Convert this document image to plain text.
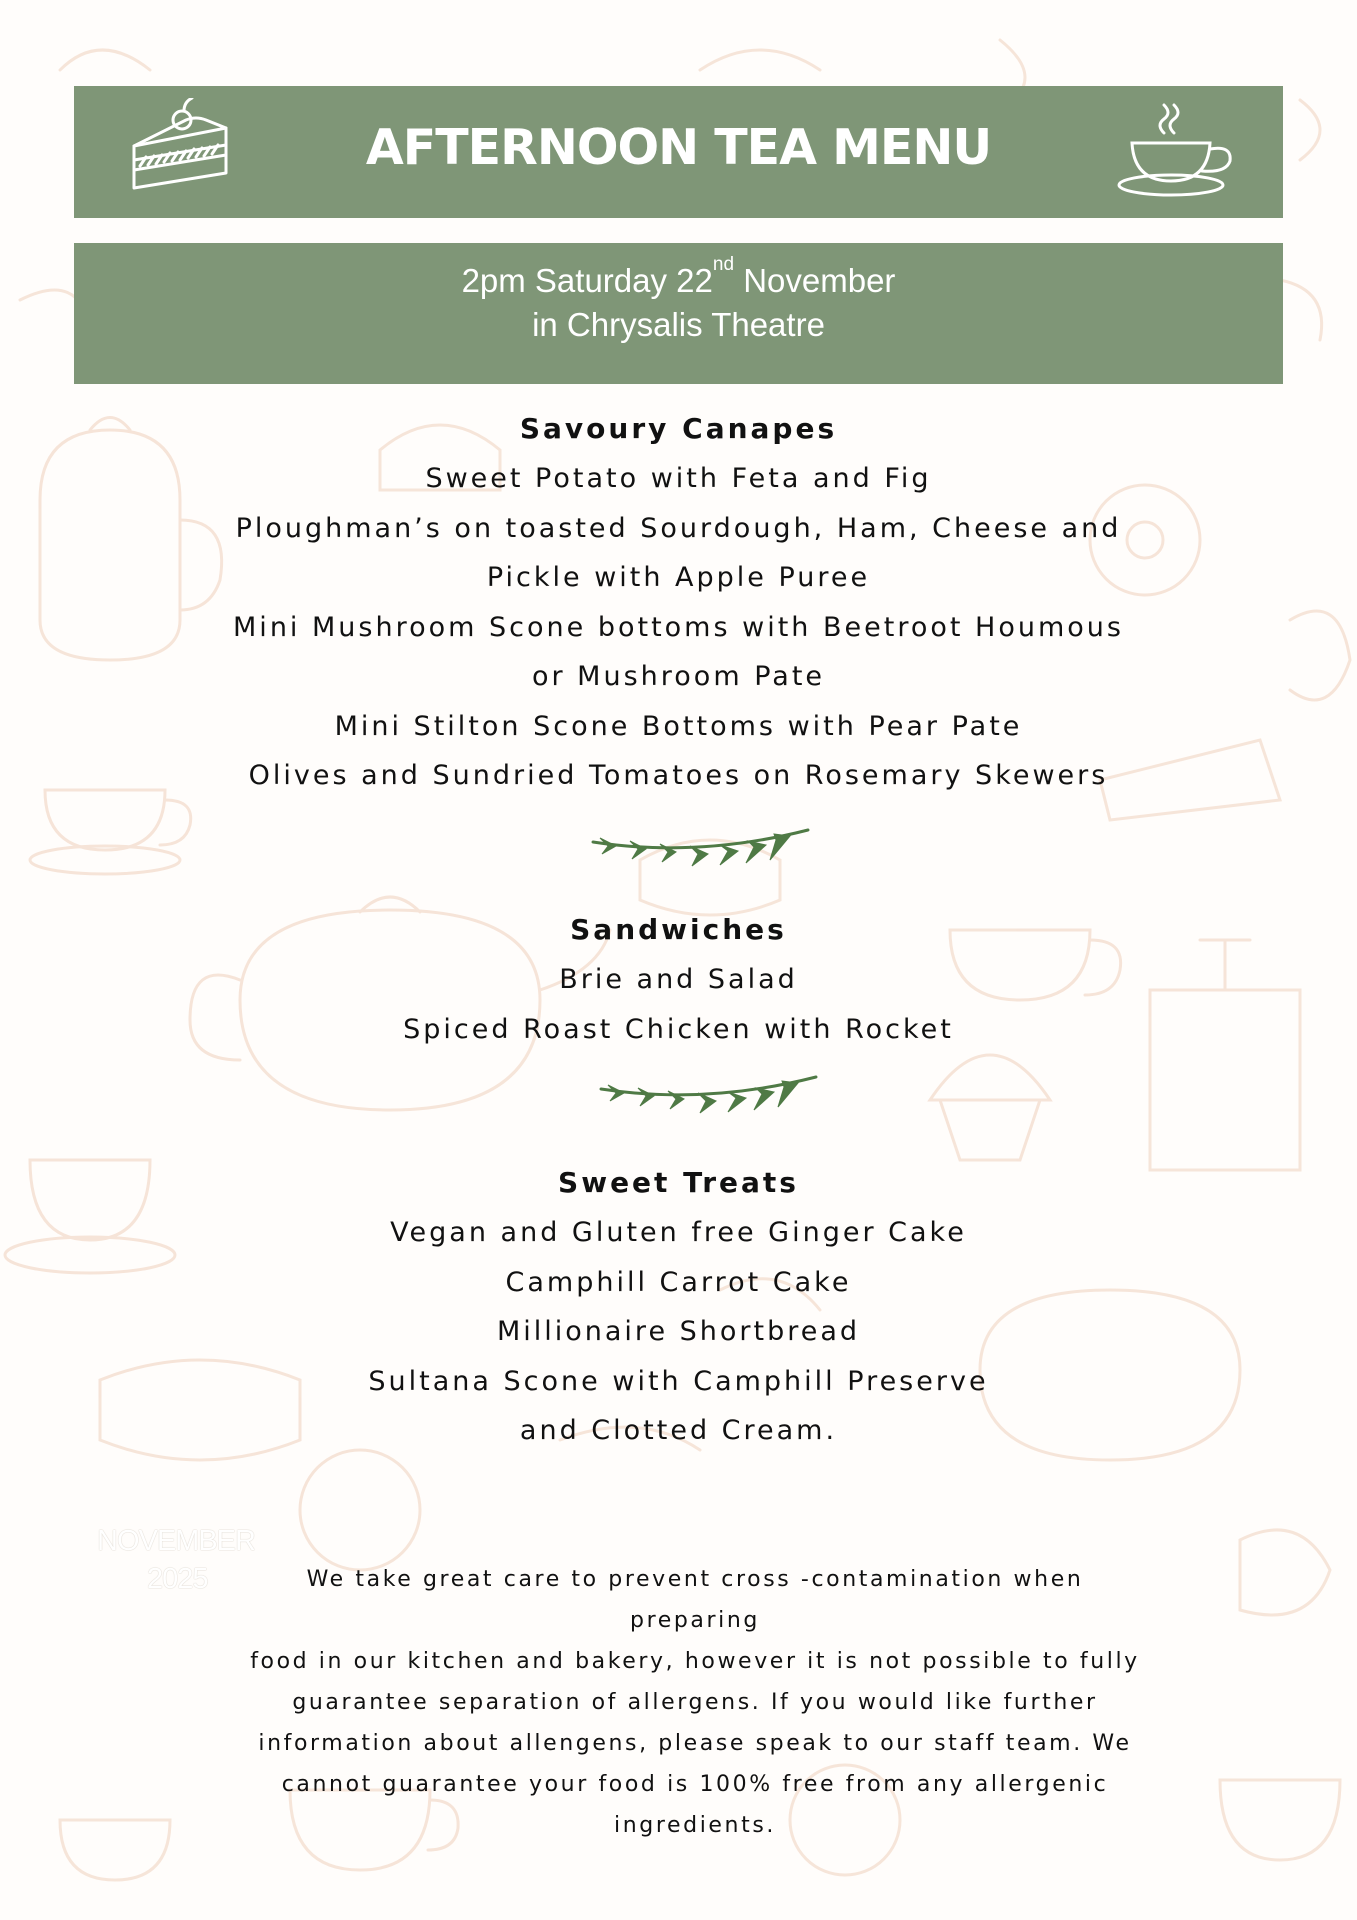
AFTERNOON TEA MENU
2pm Saturday 22nd November
in Chrysalis Theatre
Savoury Canapes
Sweet Potato with Feta and Fig
Ploughman’s on toasted Sourdough, Ham, Cheese and
Pickle with Apple Puree
Mini Mushroom Scone bottoms with Beetroot Houmous
or Mushroom Pate
Mini Stilton Scone Bottoms with Pear Pate
Olives and Sundried Tomatoes on Rosemary Skewers
Sandwiches
Brie and Salad
Spiced Roast Chicken with Rocket
Sweet Treats
Vegan and Gluten free Ginger Cake
Camphill Carrot Cake
Millionaire Shortbread
Sultana Scone with Camphill Preserve
and Clotted Cream.
NOVEMBER
2025	We take great care to prevent cross -contamination when preparing
food in our kitchen and bakery, however it is not possible to fully
guarantee separation of allergens. If you would like further
information about allengens, please speak to our staff team. We
cannot guarantee your food is 100% free from any allergenic
ingredients.
